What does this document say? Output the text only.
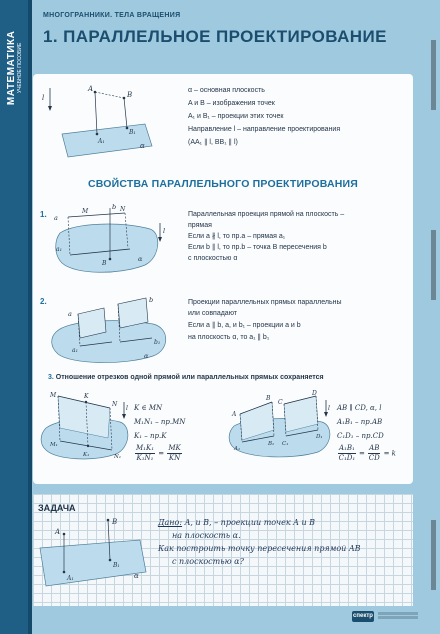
МАТЕМАТИКА УЧЕБНОЕ ПОСОБИЕ
МНОГОГРАННИКИ. ТЕЛА ВРАЩЕНИЯ
1. ПАРАЛЛЕЛЬНОЕ ПРОЕКТИРОВАНИЕ
l
A
B
A₁
B₁
α
α – основная плоскость
A и B – изображения точек
A₁ и B₁ – проекции этих точек
Направление l – направление проектирования
(AA₁ ∥ l, BB₁ ∥ l)
СВОЙСТВА ПАРАЛЛЕЛЬНОГО ПРОЕКТИРОВАНИЯ
1. a
M	N
b
a₁
B
l
α
Параллельная проекция прямой на плоскость –
прямая
Если a ∦ l, то пр.a – прямая a₁
Если b ∥ l, то пр.b – точка B пересечения b
с плоскостью α
2.
a
b
a₁
b₁
α
Проекции параллельных прямых параллельны
или совпадают
Если a ∥ b, a, и b₁ – проекции a и b
на плоскость α, то a₁ ∥ b₁
3. Отношение отрезков одной прямой или параллельных прямых сохраняется
M	K
N
M₁
K₁	N₁
l K ∈ MN
M₁N₁ – пр.MN
K₁ – пр.K
$\frac{\text{M₁K₁}}{\text{K₁N₁}} = \frac{MK}{KN}$
A
B
C
D
A₁
B₁ C₁
D₁
l AB ∥ CD, α, l
A₁B₁ – пр.AB
C₁D₁ – пр.CD
$\frac{\text{A₁B₁}}{\text{C₁D₁}} = \frac{AB}{CD} = k$
ЗАДАЧА
A
B
A₁
B₁
α
Дано: A, и B, – проекции точек A и B
на плоскость α.
Как построить точку пересечения прямой AB
с плоскостью α?
спектр
